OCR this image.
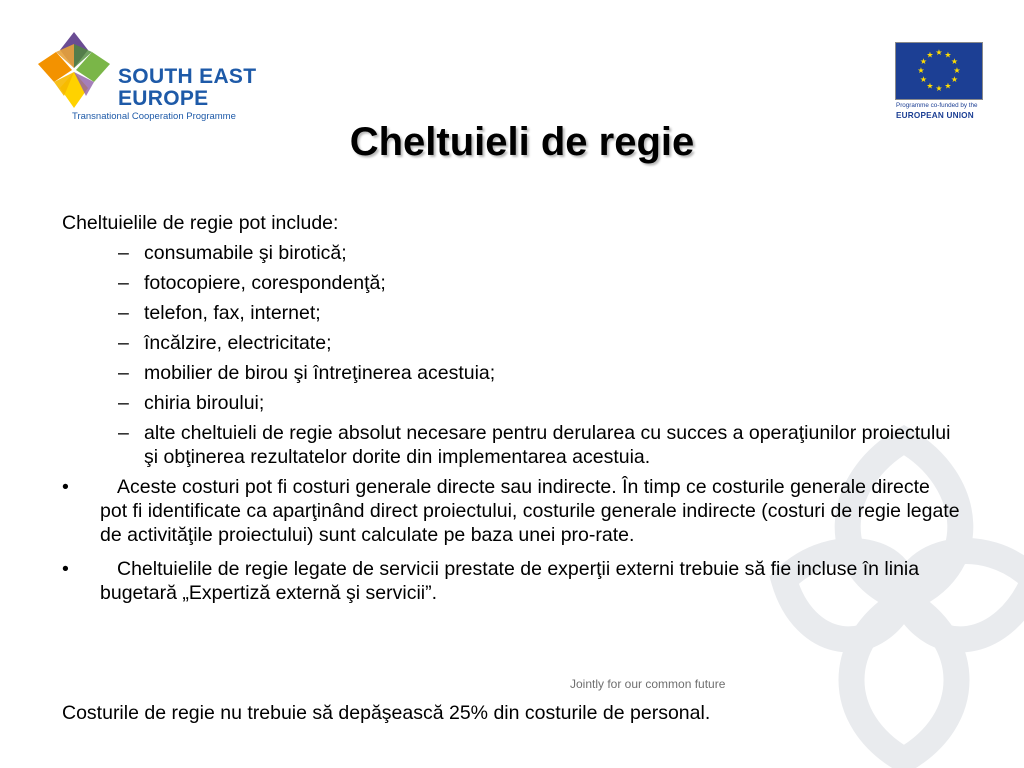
SOUTH EAST
EUROPE
Transnational Cooperation Programme
★ ★
★
★
★
★
★
★
★
★
★
★
Programme co-funded by the
EUROPEAN UNION
Cheltuieli de regie

Cheltuielile de regie pot include:

– consumabile şi birotică;
– fotocopiere, corespondenţă;
– telefon, fax, internet;
– încălzire, electricitate;
– mobilier de birou şi întreţinerea acestuia;
– chiria biroului;
– alte cheltuieli de regie absolut necesare pentru derularea cu succes a operaţiunilor proiectului şi obţinerea rezultatelor dorite din implementarea acestuia.
• Aceste costuri pot fi costuri generale directe sau indirecte. În timp ce costurile generale directe pot fi identificate ca aparţinând direct proiectului, costurile generale indirecte (costuri de regie legate de activităţile proiectului) sunt calculate pe baza unei pro-rate.
• Cheltuielile de regie legate de servicii prestate de experţii externi trebuie să fie incluse în linia bugetară „Expertiză externă şi servicii”.
Jointly for our common future

Costurile de regie nu trebuie să depăşească 25% din costurile de personal.
